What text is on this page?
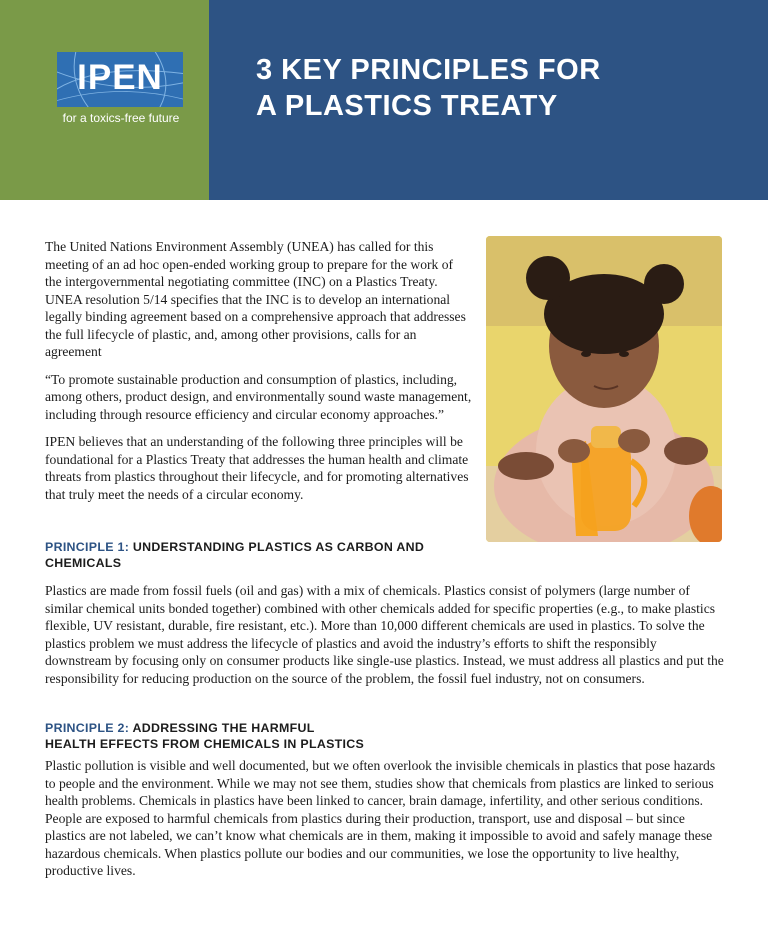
IPEN
for a toxics-free future
3 KEY PRINCIPLES FOR
A PLASTICS TREATY

The United Nations Environment Assembly (UNEA) has called for this meeting of an ad hoc open-ended working group to prepare for the work of the intergovernmental negotiating committee (INC) on a Plastics Treaty. UNEA resolution 5/14 specifies that the INC is to develop an international legally binding agreement based on a comprehensive approach that addresses the full lifecycle of plastic, and, among other provisions, calls for an agreement

“To promote sustainable production and consumption of plastics, including, among others, product design, and environmentally sound waste management, including through resource efficiency and circular economy approaches.”

IPEN believes that an understanding of the following three principles will be foundational for a Plastics Treaty that addresses the human health and climate threats from plastics throughout their lifecycle, and for promoting alternatives that truly meet the needs of a circular economy.

PRINCIPLE 1: UNDERSTANDING PLASTICS AS CARBON AND CHEMICALS

Plastics are made from fossil fuels (oil and gas) with a mix of chemicals. Plastics consist of polymers (large number of similar chemical units bonded together) combined with other chemicals added for specific properties (e.g., to make plastics flexible, UV resistant, durable, fire resistant, etc.). More than 10,000 different chemicals are used in plastics. To solve the plastics problem we must address the lifecycle of plastics and avoid the industry’s efforts to shift the responsibly downstream by focusing only on consumer products like single-use plastics. Instead, we must address all plastics and put the responsibility for reducing production on the source of the problem, the fossil fuel industry, not on consumers.

PRINCIPLE 2: ADDRESSING THE HARMFUL
HEALTH EFFECTS FROM CHEMICALS IN PLASTICS

Plastic pollution is visible and well documented, but we often overlook the invisible chemicals in plastics that pose hazards to people and the environment. While we may not see them, studies show that chemicals from plastics are linked to serious health problems. Chemicals in plastics have been linked to cancer, brain damage, infertility, and other serious conditions. People are exposed to harmful chemicals from plastics during their production, transport, use and disposal – but since plastics are not labeled, we can’t know what chemicals are in them, making it impossible to avoid and safely manage these hazardous chemicals. When plastics pollute our bodies and our communities, we lose the opportunity to live healthy, productive lives.
